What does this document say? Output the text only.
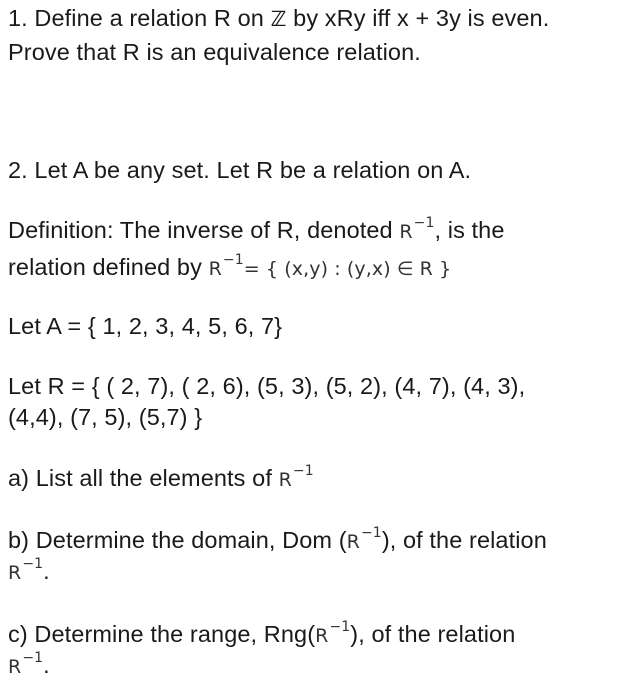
1. Define a relation R on ℤ by xRy iff x + 3y is even.
Prove that R is an equivalence relation.
2. Let A be any set. Let R be a relation on A.
Definition: The inverse of R, denoted $R^{-1}$, is the
relation defined by $R^{-1}=$ { (x,y) : (y,x) ∈ R }
Let A = { 1, 2, 3, 4, 5, 6, 7}
Let R = { ( 2, 7), ( 2, 6), (5, 3), (5, 2), (4, 7), (4, 3),
(4,4), (7, 5), (5,7) }
a) List all the elements of $R^{-1}$
b) Determine the domain, Dom $(R^{-1})$, of the relation
$R^{-1}$.
c) Determine the range, $Rng(R^{-1})$, of the relation
$R^{-1}$.
